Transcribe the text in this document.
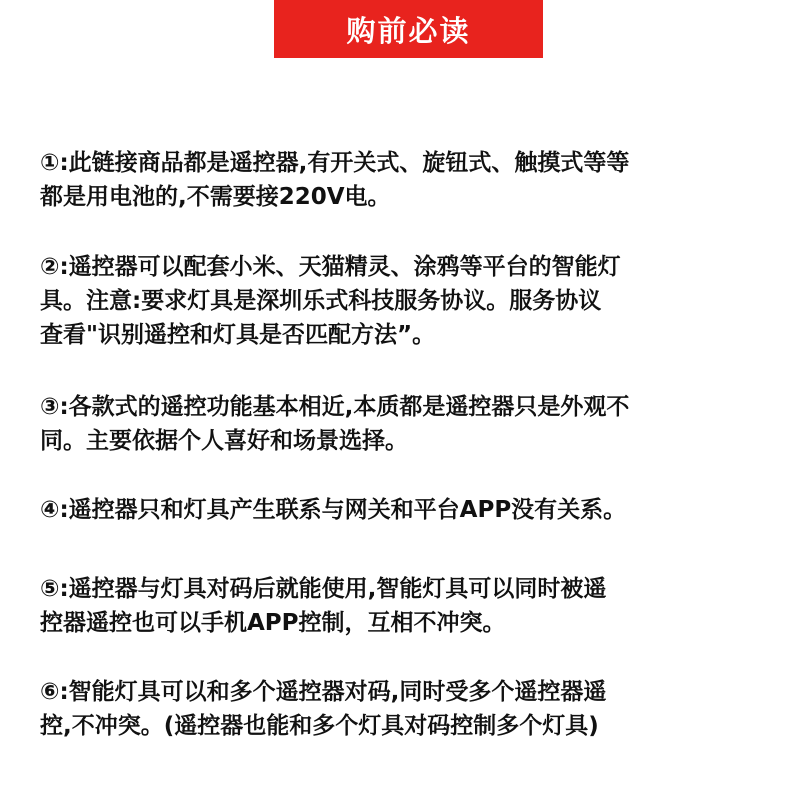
购前必读
①:此链接商品都是遥控器,有开关式、旋钮式、触摸式等等
都是用电池的,不需要接220V电。
②:遥控器可以配套小米、天猫精灵、涂鸦等平台的智能灯
具。注意:要求灯具是深圳乐式科技服务协议。服务协议
查看"识别遥控和灯具是否匹配方法”。
③:各款式的遥控功能基本相近,本质都是遥控器只是外观不
同。主要依据个人喜好和场景选择。
④:遥控器只和灯具产生联系与网关和平台APP没有关系。
⑤:遥控器与灯具对码后就能使用,智能灯具可以同时被遥
控器遥控也可以手机APP控制，互相不冲突。
⑥:智能灯具可以和多个遥控器对码,同时受多个遥控器遥
控,不冲突。(遥控器也能和多个灯具对码控制多个灯具)
